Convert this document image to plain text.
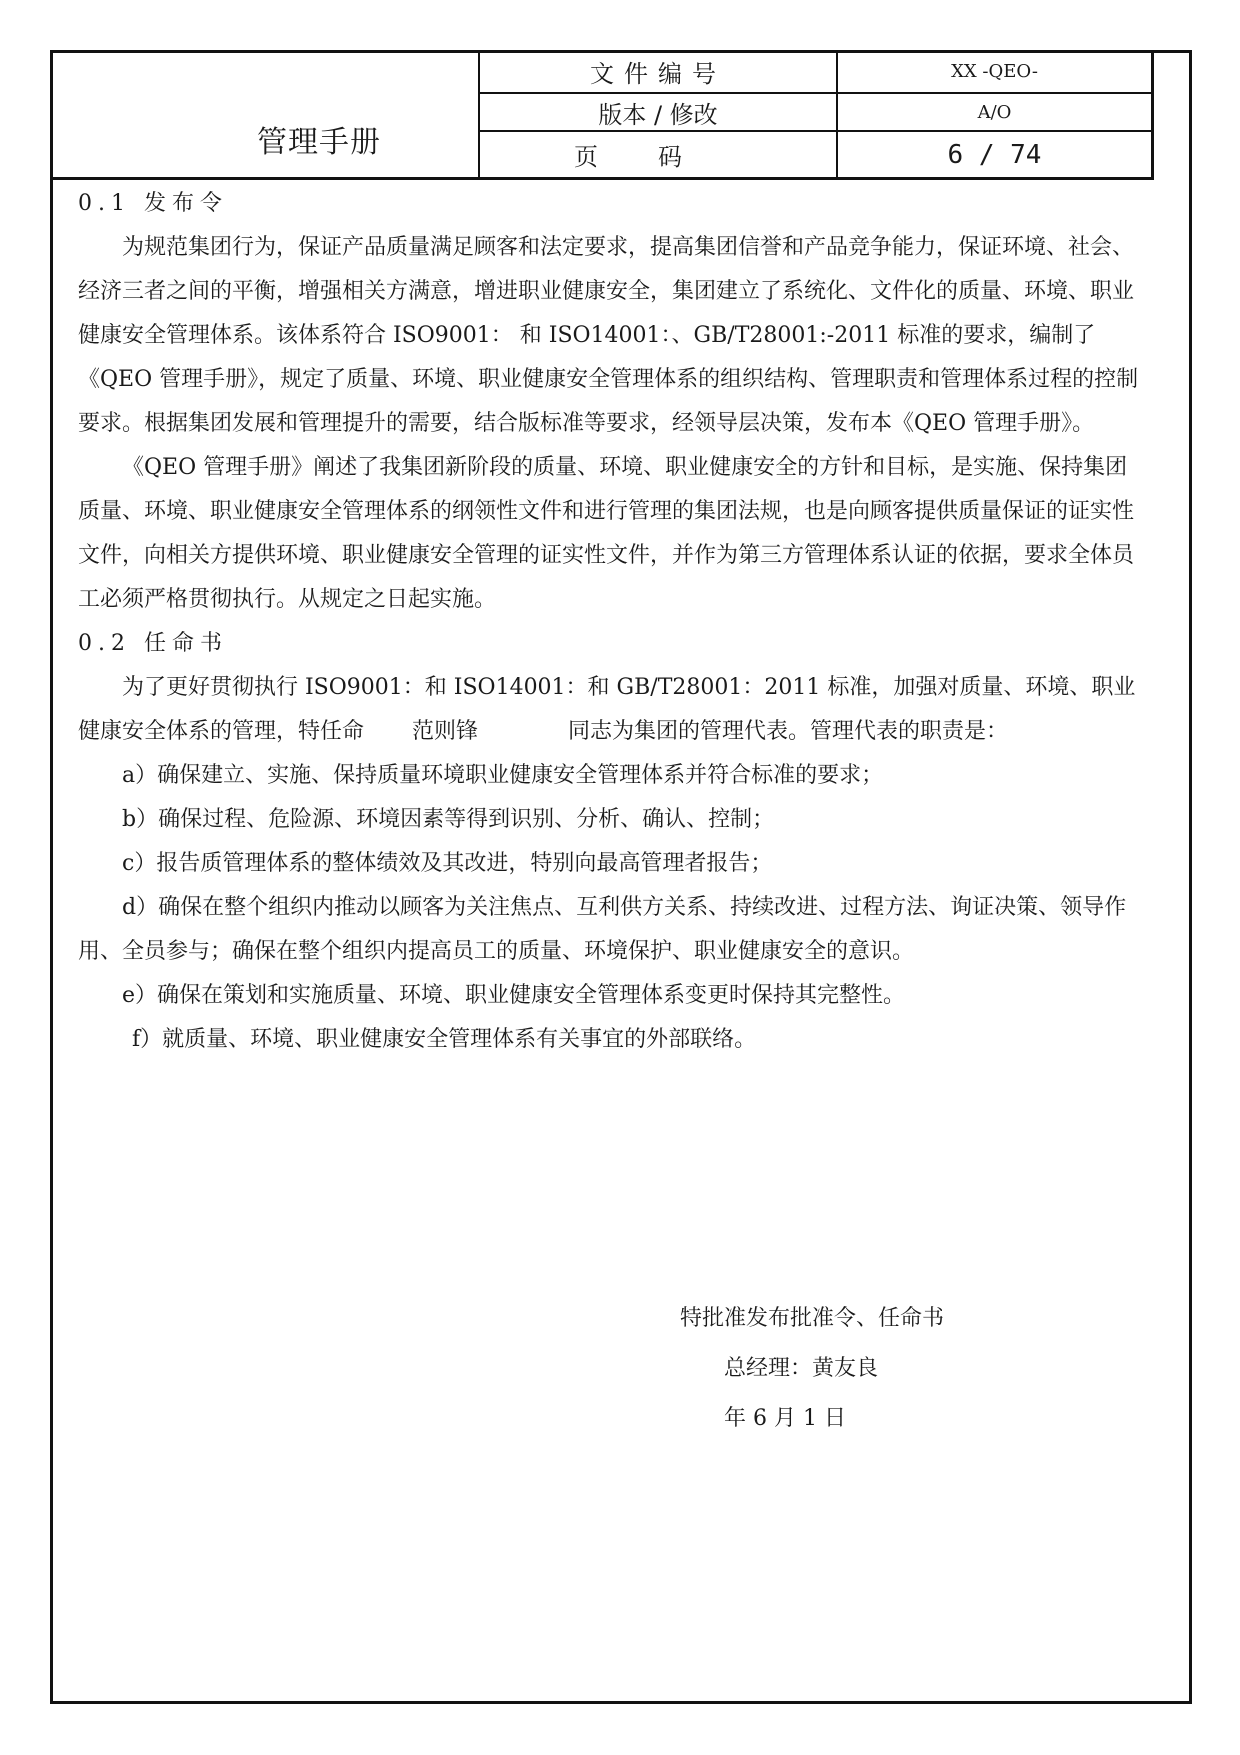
管理手册
文件编号	XX -QEO-
版本 / 修改	A/O
页码	6 / 74

0.1 发布令

为规范集团行为，保证产品质量满足顾客和法定要求，提高集团信誉和产品竞争能力，保证环境、社会、经济三者之间的平衡，增强相关方满意，增进职业健康安全，集团建立了系统化、文件化的质量、环境、职业健康安全管理体系。该体系符合 ISO9001： 和 ISO14001：、GB/T28001:-2011 标准的要求，编制了《QEO 管理手册》，规定了质量、环境、职业健康安全管理体系的组织结构、管理职责和管理体系过程的控制要求。根据集团发展和管理提升的需要，结合版标准等要求，经领导层决策，发布本《QEO 管理手册》。

《QEO 管理手册》阐述了我集团新阶段的质量、环境、职业健康安全的方针和目标，是实施、保持集团质量、环境、职业健康安全管理体系的纲领性文件和进行管理的集团法规，也是向顾客提供质量保证的证实性文件，向相关方提供环境、职业健康安全管理的证实性文件，并作为第三方管理体系认证的依据，要求全体员工必须严格贯彻执行。从规定之日起实施。

0.2 任命书

为了更好贯彻执行 ISO9001：和 ISO14001：和 GB/T28001：2011 标准，加强对质量、环境、职业健康安全体系的管理，特任命 范则锋	同志为集团的管理代表。管理代表的职责是：

a）确保建立、实施、保持质量环境职业健康安全管理体系并符合标准的要求；

b）确保过程、危险源、环境因素等得到识别、分析、确认、控制；

c）报告质管理体系的整体绩效及其改进，特别向最高管理者报告；

d）确保在整个组织内推动以顾客为关注焦点、互利供方关系、持续改进、过程方法、询证决策、领导作用、全员参与；确保在整个组织内提高员工的质量、环境保护、职业健康安全的意识。

e）确保在策划和实施质量、环境、职业健康安全管理体系变更时保持其完整性。

f）就质量、环境、职业健康安全管理体系有关事宜的外部联络。

特批准发布批准令、任命书

总经理：黄友良

年 6 月 1 日
